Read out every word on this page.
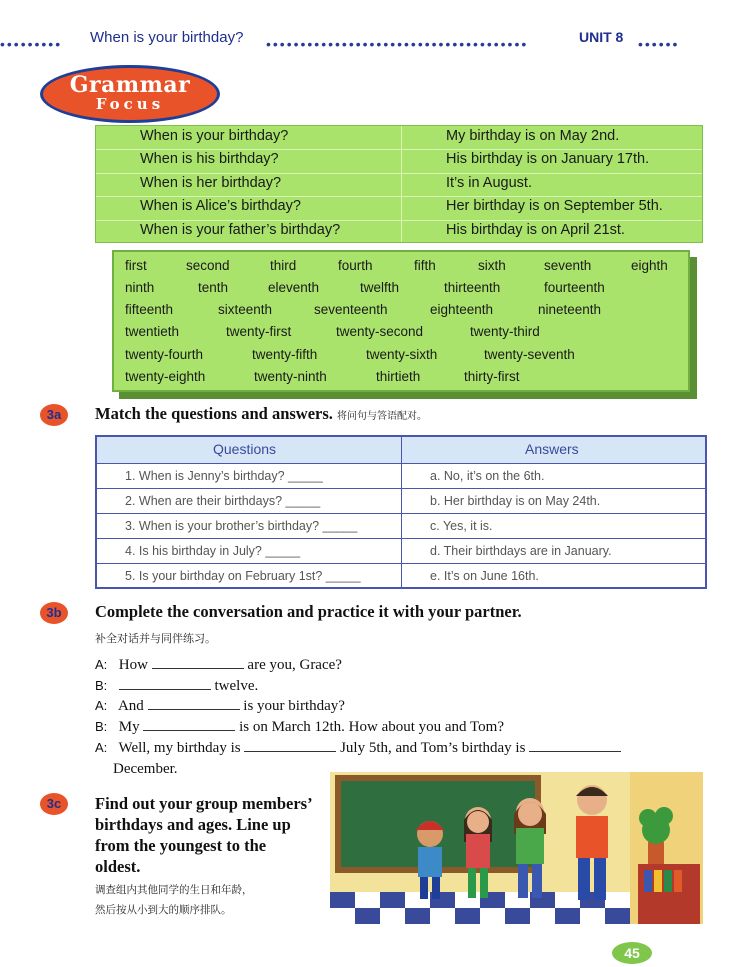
••••••••• When is your birthday? ••••••••••••••••••••••••••••••••••••••	UNIT 8 ••••••
Grammar
Focus
When is your birthday?	My birthday is on May 2nd.
When is his birthday?	His birthday is on January 17th.
When is her birthday?	It’s in August.
When is Alice’s birthday?	Her birthday is on September 5th.
When is your father’s birthday?	His birthday is on April 21st.
first	second	third	fourth	fifth	sixth	seventh	eighth
ninth	tenth	eleventh	twelfth	thirteenth	fourteenth
fifteenth	sixteenth	seventeenth	eighteenth	nineteenth
twentieth	twenty-first	twenty-second	twenty-third
twenty-fourth	twenty-fifth	twenty-sixth	twenty-seventh
twenty-eighth	twenty-ninth	thirtieth	thirty-first
3a	Match the questions and answers. 将问句与答语配对。
Questions	Answers
1. When is Jenny’s birthday? _____	a. No, it’s on the 6th.
2. When are their birthdays? _____	b. Her birthday is on May 24th.
3. When is your brother’s birthday? _____	c. Yes, it is.
4. Is his birthday in July? _____	d. Their birthdays are in January.
5. Is your birthday on February 1st? _____	e. It’s on June 16th.
3b	Complete the conversation and practice it with your partner.
补全对话并与同伴练习。
A: How	are you, Grace?
B:	twelve.
A: And	is your birthday?
B: My	is on March 12th. How about you and Tom?
A: Well, my birthday is	July 5th, and Tom’s birthday is
December.
3c	Find out your group members’ birthdays and ages. Line up from the youngest to the oldest.
调查组内其他同学的生日和年龄，
然后按从小到大的顺序排队。
45
